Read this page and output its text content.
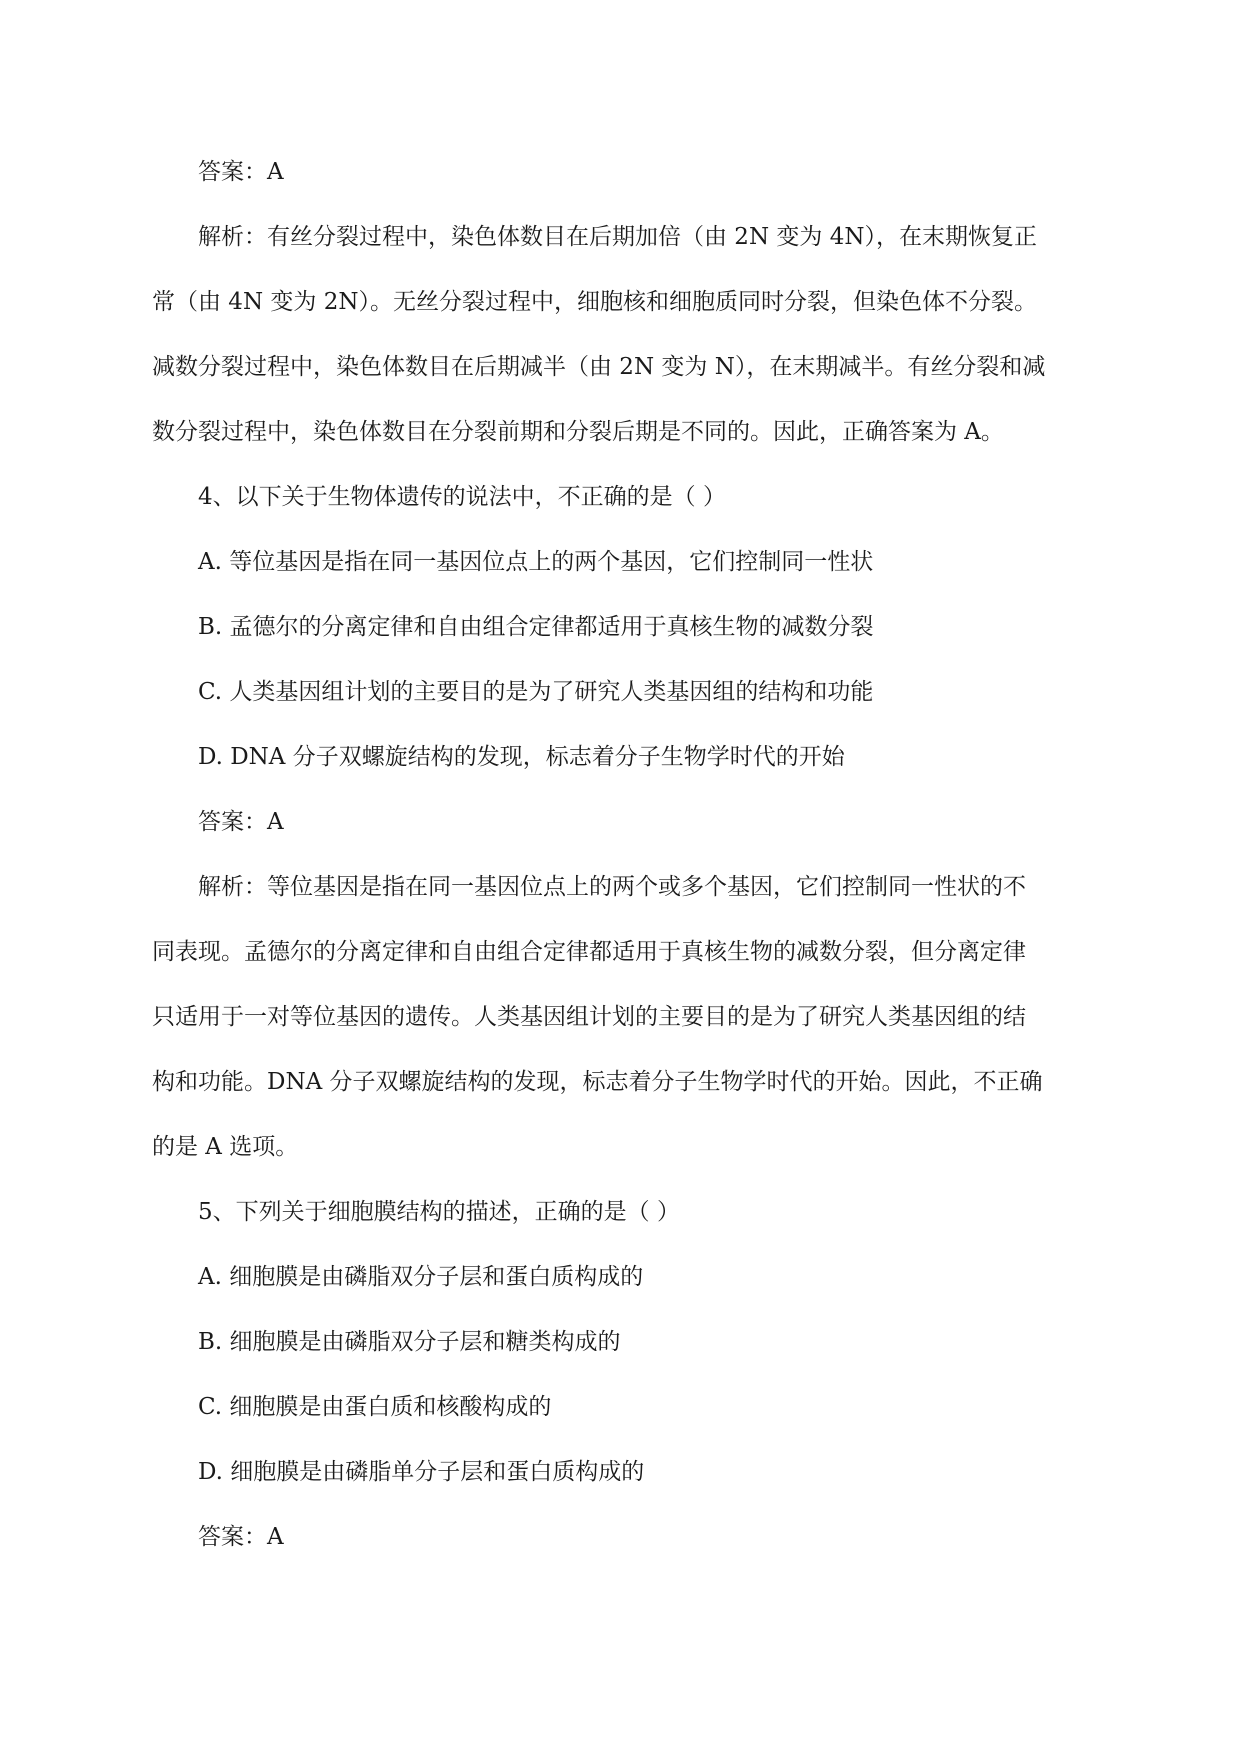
答案：A
解析：有丝分裂过程中，染色体数目在后期加倍（由 2N 变为 4N），在末期恢复正
常（由 4N 变为 2N）。无丝分裂过程中，细胞核和细胞质同时分裂，但染色体不分裂。
减数分裂过程中，染色体数目在后期减半（由 2N 变为 N），在末期减半。有丝分裂和减
数分裂过程中，染色体数目在分裂前期和分裂后期是不同的。因此，正确答案为 A。
4、以下关于生物体遗传的说法中，不正确的是（ ）
A. 等位基因是指在同一基因位点上的两个基因，它们控制同一性状
B. 孟德尔的分离定律和自由组合定律都适用于真核生物的减数分裂
C. 人类基因组计划的主要目的是为了研究人类基因组的结构和功能
D. DNA 分子双螺旋结构的发现，标志着分子生物学时代的开始
答案：A
解析：等位基因是指在同一基因位点上的两个或多个基因，它们控制同一性状的不
同表现。孟德尔的分离定律和自由组合定律都适用于真核生物的减数分裂，但分离定律
只适用于一对等位基因的遗传。人类基因组计划的主要目的是为了研究人类基因组的结
构和功能。DNA 分子双螺旋结构的发现，标志着分子生物学时代的开始。因此，不正确
的是 A 选项。
5、下列关于细胞膜结构的描述，正确的是（ ）
A. 细胞膜是由磷脂双分子层和蛋白质构成的
B. 细胞膜是由磷脂双分子层和糖类构成的
C. 细胞膜是由蛋白质和核酸构成的
D. 细胞膜是由磷脂单分子层和蛋白质构成的
答案：A
